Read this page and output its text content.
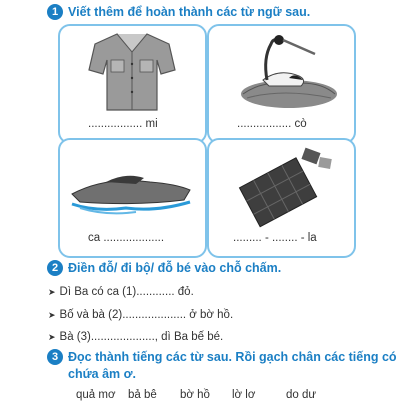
1 Viết thêm để hoàn thành các từ ngữ sau.
................. mi	................. cò
ca ...................	......... - ........ - la
2 Điền đỗ/ đi bộ/ đỗ bé vào chỗ chấm.
➤ Dì Ba có ca (1)............ đỏ.
➤ Bố và bà (2).................... ở bờ hồ.
➤ Bà (3)...................., dì Ba bế bé.
3 Đọc thành tiếng các từ sau. Rồi gạch chân các tiếng có
chứa âm ơ.
quả mơ bả bê bờ hồ lờ lơ	do dư
